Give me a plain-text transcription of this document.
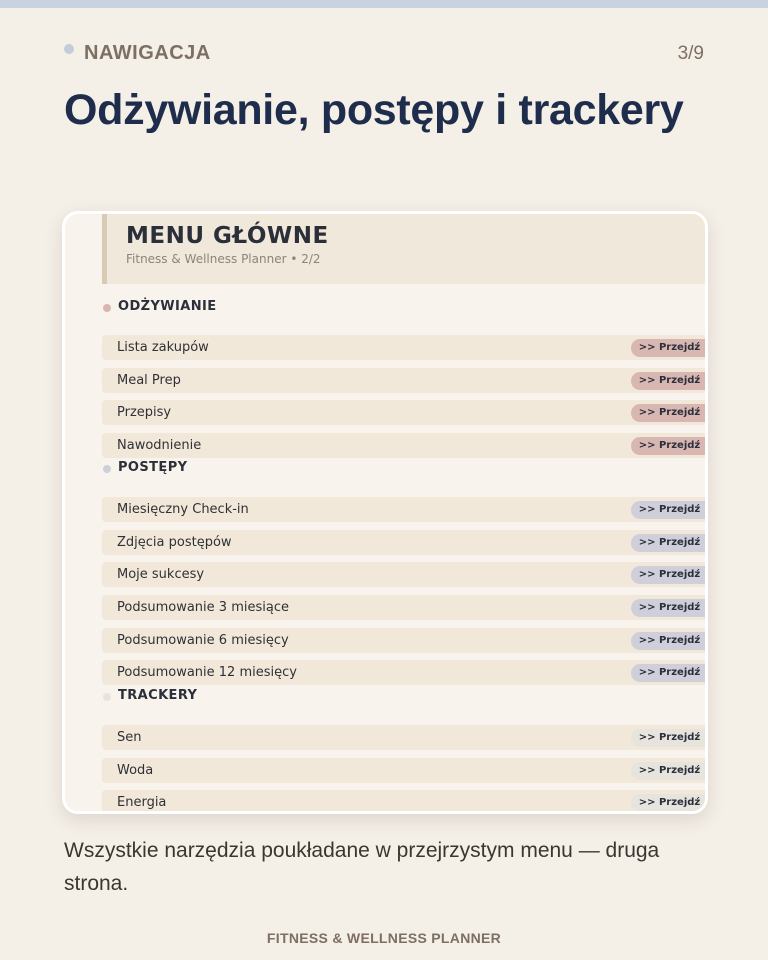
NAWIGACJA	3/9
Odżywianie, postępy i trackery
MENU GŁÓWNE
Fitness & Wellness Planner • 2/2
ODŻYWIANIE
Lista zakupów	>> Przejdź
Meal Prep	>> Przejdź
Przepisy	>> Przejdź
Nawodnienie	>> Przejdź
POSTĘPY
Miesięczny Check-in	>> Przejdź
Zdjęcia postępów	>> Przejdź
Moje sukcesy	>> Przejdź
Podsumowanie 3 miesiące	>> Przejdź
Podsumowanie 6 miesięcy	>> Przejdź
Podsumowanie 12 miesięcy	>> Przejdź
TRACKERY
Sen	>> Przejdź
Woda	>> Przejdź
Energia	>> Przejdź
Wszystkie narzędzia poukładane w przejrzystym menu — druga strona.
FITNESS & WELLNESS PLANNER
